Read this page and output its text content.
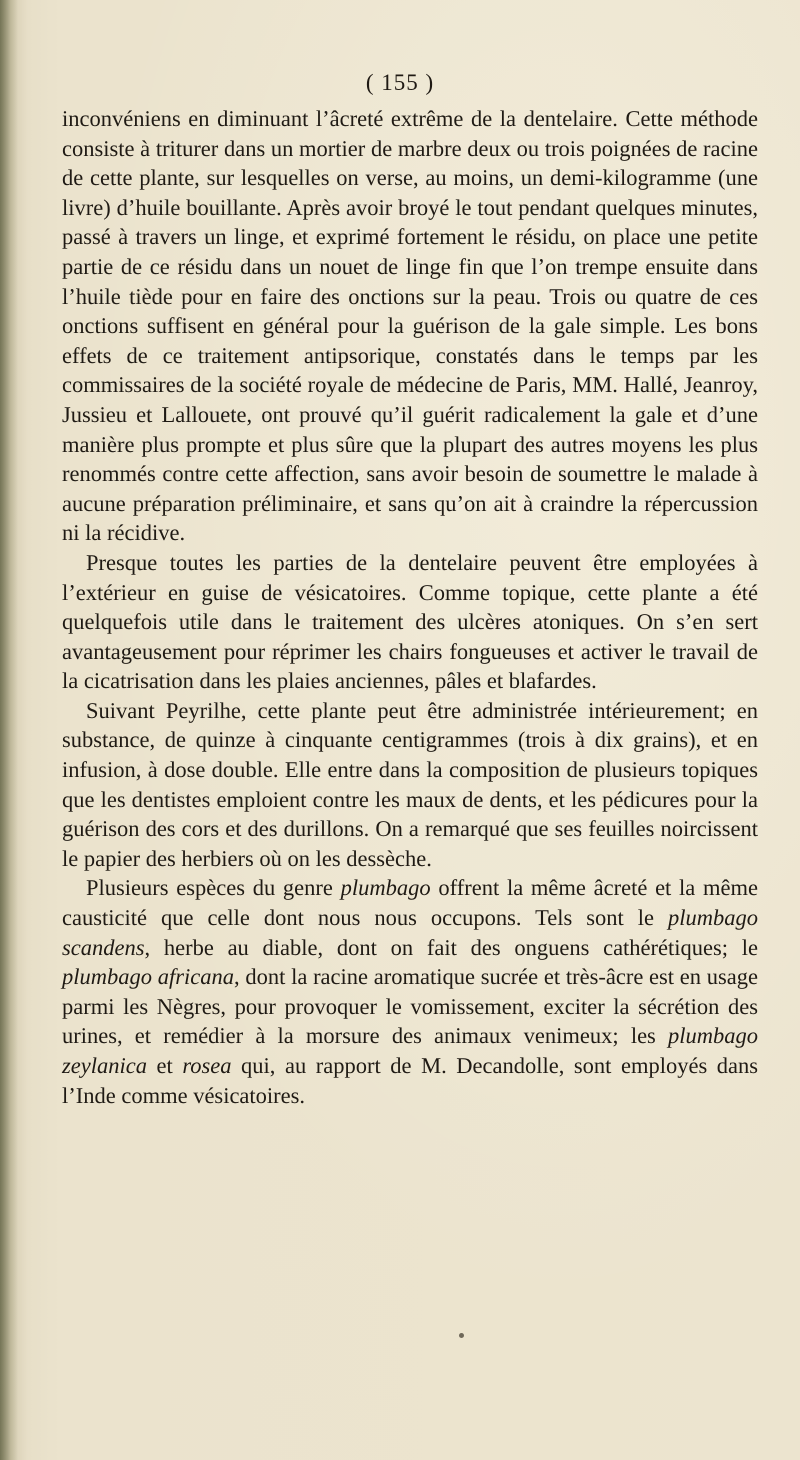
( 155 )

inconvéniens en diminuant l’âcreté extrême de la dentelaire. Cette méthode consiste à triturer dans un mortier de marbre deux ou trois poignées de racine de cette plante, sur lesquelles on verse, au moins, un demi-kilogramme (une livre) d’huile bouillante. Après avoir broyé le tout pendant quelques minutes, passé à travers un linge, et exprimé fortement le résidu, on place une petite partie de ce résidu dans un nouet de linge fin que l’on trempe ensuite dans l’huile tiède pour en faire des onctions sur la peau. Trois ou quatre de ces onctions suffisent en général pour la guérison de la gale simple. Les bons effets de ce traitement antipsorique, constatés dans le temps par les commissaires de la société royale de médecine de Paris, MM. Hallé, Jeanroy, Jussieu et Lallouete, ont prouvé qu’il guérit radicalement la gale et d’une manière plus prompte et plus sûre que la plupart des autres moyens les plus renommés contre cette affection, sans avoir besoin de soumettre le malade à aucune préparation préliminaire, et sans qu’on ait à craindre la répercussion ni la récidive.

Presque toutes les parties de la dentelaire peuvent être employées à l’extérieur en guise de vésicatoires. Comme topique, cette plante a été quelquefois utile dans le traitement des ulcères atoniques. On s’en sert avantageusement pour réprimer les chairs fongueuses et activer le travail de la cicatrisation dans les plaies anciennes, pâles et blafardes.

Suivant Peyrilhe, cette plante peut être administrée intérieurement; en substance, de quinze à cinquante centigrammes (trois à dix grains), et en infusion, à dose double. Elle entre dans la composition de plusieurs topiques que les dentistes emploient contre les maux de dents, et les pédicures pour la guérison des cors et des durillons. On a remarqué que ses feuilles noircissent le papier des herbiers où on les dessèche.

Plusieurs espèces du genre plumbago offrent la même âcreté et la même causticité que celle dont nous nous occupons. Tels sont le plumbago scandens, herbe au diable, dont on fait des onguens cathérétiques; le plumbago africana, dont la racine aromatique sucrée et très-âcre est en usage parmi les Nègres, pour provoquer le vomissement, exciter la sécrétion des urines, et remédier à la morsure des animaux venimeux; les plumbago zeylanica et rosea qui, au rapport de M. Decandolle, sont employés dans l’Inde comme vésicatoires.
